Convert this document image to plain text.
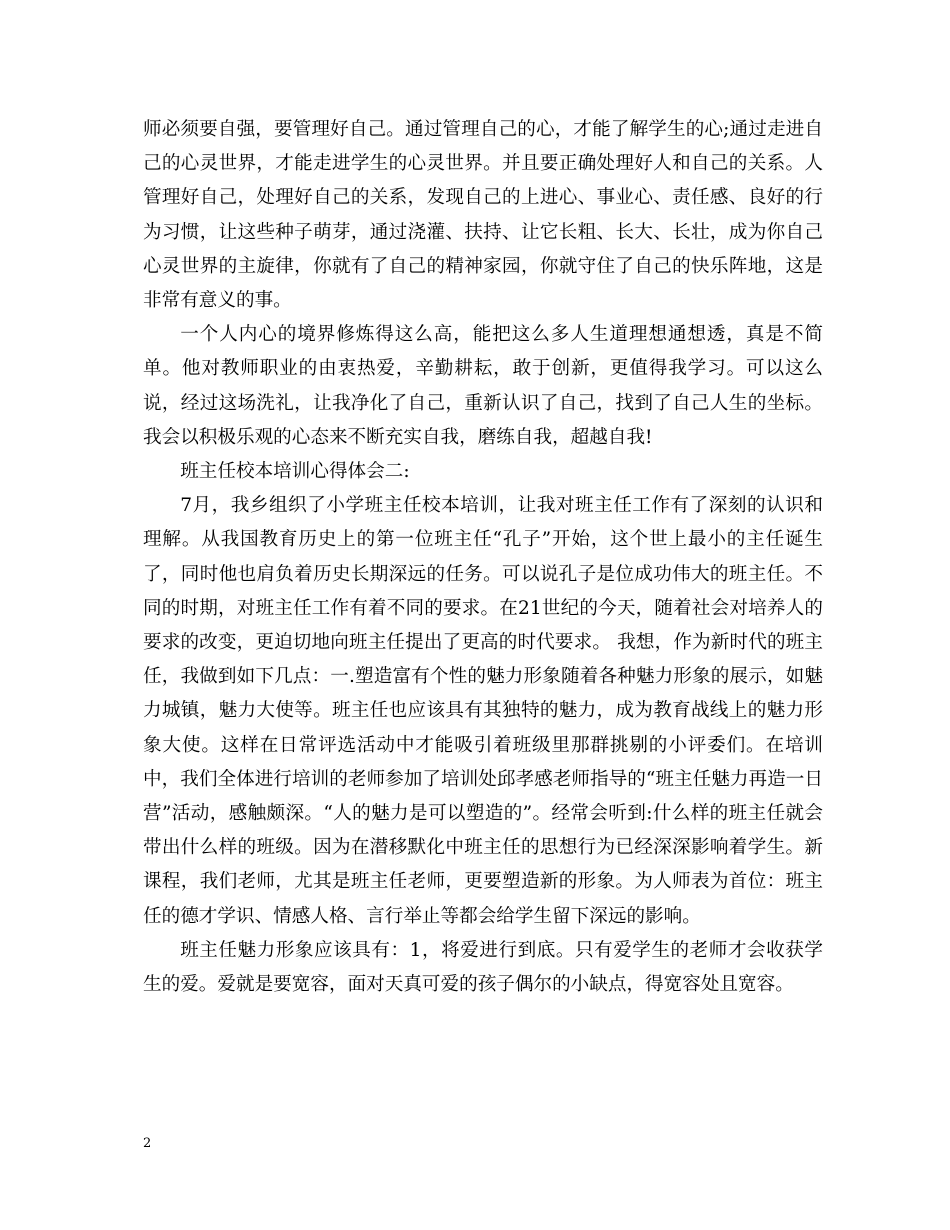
师必须要自强，要管理好自己。通过管理自己的心，才能了解学生的心;通过走进自己的心灵世界，才能走进学生的心灵世界。并且要正确处理好人和自己的关系。人管理好自己，处理好自己的关系，发现自己的上进心、事业心、责任感、良好的行为习惯，让这些种子萌芽，通过浇灌、扶持、让它长粗、长大、长壮，成为你自己心灵世界的主旋律，你就有了自己的精神家园，你就守住了自己的快乐阵地，这是非常有意义的事。

一个人内心的境界修炼得这么高，能把这么多人生道理想通想透，真是不简单。他对教师职业的由衷热爱，辛勤耕耘，敢于创新，更值得我学习。可以这么说，经过这场洗礼，让我净化了自己，重新认识了自己，找到了自己人生的坐标。我会以积极乐观的心态来不断充实自我，磨练自我，超越自我!

班主任校本培训心得体会二:

7月，我乡组织了小学班主任校本培训，让我对班主任工作有了深刻的认识和理解。从我国教育历史上的第一位班主任“孔子”开始，这个世上最小的主任诞生了，同时他也肩负着历史长期深远的任务。可以说孔子是位成功伟大的班主任。不同的时期，对班主任工作有着不同的要求。在21世纪的今天，随着社会对培养人的要求的改变，更迫切地向班主任提出了更高的时代要求。 我想，作为新时代的班主任，我做到如下几点：一.塑造富有个性的魅力形象随着各种魅力形象的展示，如魅力城镇，魅力大使等。班主任也应该具有其独特的魅力，成为教育战线上的魅力形象大使。这样在日常评选活动中才能吸引着班级里那群挑剔的小评委们。在培训中，我们全体进行培训的老师参加了培训处邱孝感老师指导的“班主任魅力再造一日营”活动，感触颇深。“人的魅力是可以塑造的”。经常会听到:什么样的班主任就会带出什么样的班级。因为在潜移默化中班主任的思想行为已经深深影响着学生。新课程，我们老师，尤其是班主任老师，更要塑造新的形象。为人师表为首位：班主任的德才学识、情感人格、言行举止等都会给学生留下深远的影响。

班主任魅力形象应该具有：1，将爱进行到底。只有爱学生的老师才会收获学生的爱。爱就是要宽容，面对天真可爱的孩子偶尔的小缺点，得宽容处且宽容。

2
